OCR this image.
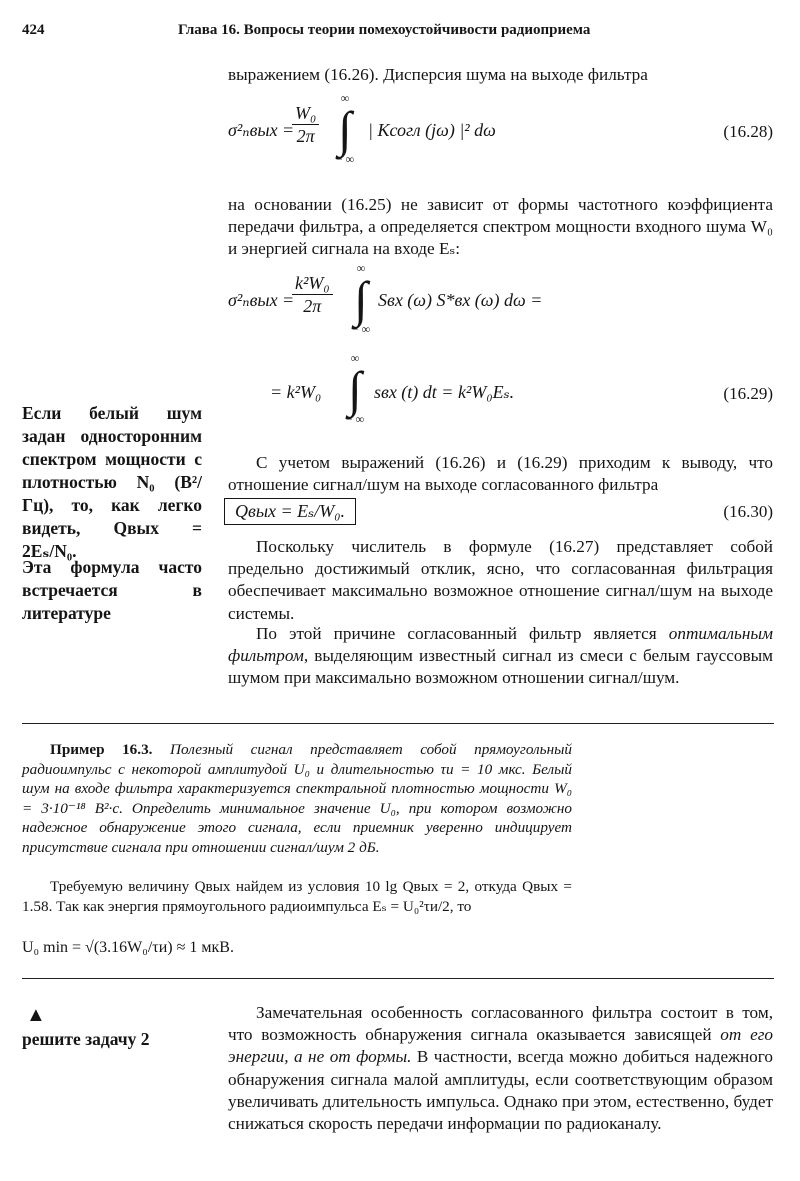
424	Глава 16. Вопросы теории помехоустойчивости радиоприема
выражением (16.26). Дисперсия шума на выходе фильтра
σ²ₙвых =
$\frac{\text{W₀}}{2\pi}$
∞
∫
− ∞
| Kсогл (jω) |² dω	(16.28)
на основании (16.25) не зависит от формы частотного коэффициента передачи фильтра, а определяется спектром мощности входного шума W₀ и энергией сигнала на входе Eₛ:
σ²ₙвых =
$\frac{\text{k²W₀}}{2\pi}$
∞
∫
− ∞
Sвх (ω) S*вх (ω) dω =
= k²W₀
∞
∫
− ∞
sвх (t) dt = k²W₀Eₛ.	(16.29)
Если белый шум задан односторонним спектром мощности с плотностью N₀ (В²/Гц), то, как легко видеть, Qвых = 2Eₛ/N₀.
Эта формула часто встречается в литературе
С учетом выражений (16.26) и (16.29) приходим к выводу, что отношение сигнал/шум на выходе согласованного фильтра
Qвых = Eₛ/W₀.	(16.30)
Поскольку числитель в формуле (16.27) представляет собой предельно достижимый отклик, ясно, что согласованная фильтрация обеспечивает максимально возможное отношение сигнал/шум на выходе системы.
По этой причине согласованный фильтр является оптимальным фильтром, выделяющим известный сигнал из смеси с белым гауссовым шумом при максимально возможном отношении сигнал/шум.
Пример 16.3. Полезный сигнал представляет собой прямоугольный радиоимпульс с некоторой амплитудой U₀ и длительностью τи = 10 мкс. Белый шум на входе фильтра характеризуется спектральной плотностью мощности W₀ = 3·10⁻¹⁸ В²·с. Определить минимальное значение U₀, при котором возможно надежное обнаружение этого сигнала, если приемник уверенно индицирует присутствие сигнала при отношении сигнал/шум 2 дБ.
Требуемую величину Qвых найдем из условия 10 lg Qвых = 2, откуда Qвых = 1.58. Так как энергия прямоугольного радиоимпульса Eₛ = U₀²τи/2, то
U₀ min = √(3.16W₀/τи) ≈ 1 мкВ.
▲
решите задачу 2
Замечательная особенность согласованного фильтра состоит в том, что возможность обнаружения сигнала оказывается зависящей от его энергии, а не от формы. В частности, всегда можно добиться надежного обнаружения сигнала малой амплитуды, если соответствующим образом увеличивать длительность импульса. Однако при этом, естественно, будет снижаться скорость передачи информации по радиоканалу.
